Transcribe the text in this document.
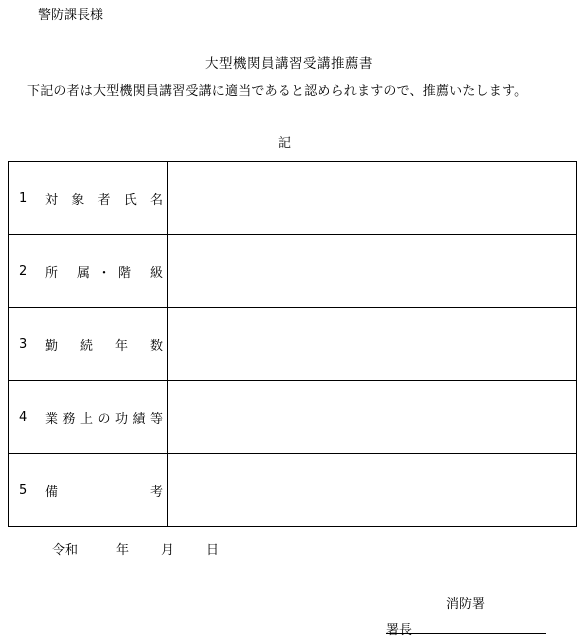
警防課長様
大型機関員講習受講推薦書
下記の者は大型機関員講習受講に適当であると認められますので、推薦いたします。
記
1 対象者氏名	

2 所 属・階 級	

3 勤続年数	

4 業務上の功績等	

5 備考	

令和	年 月 日
消防署
署長
